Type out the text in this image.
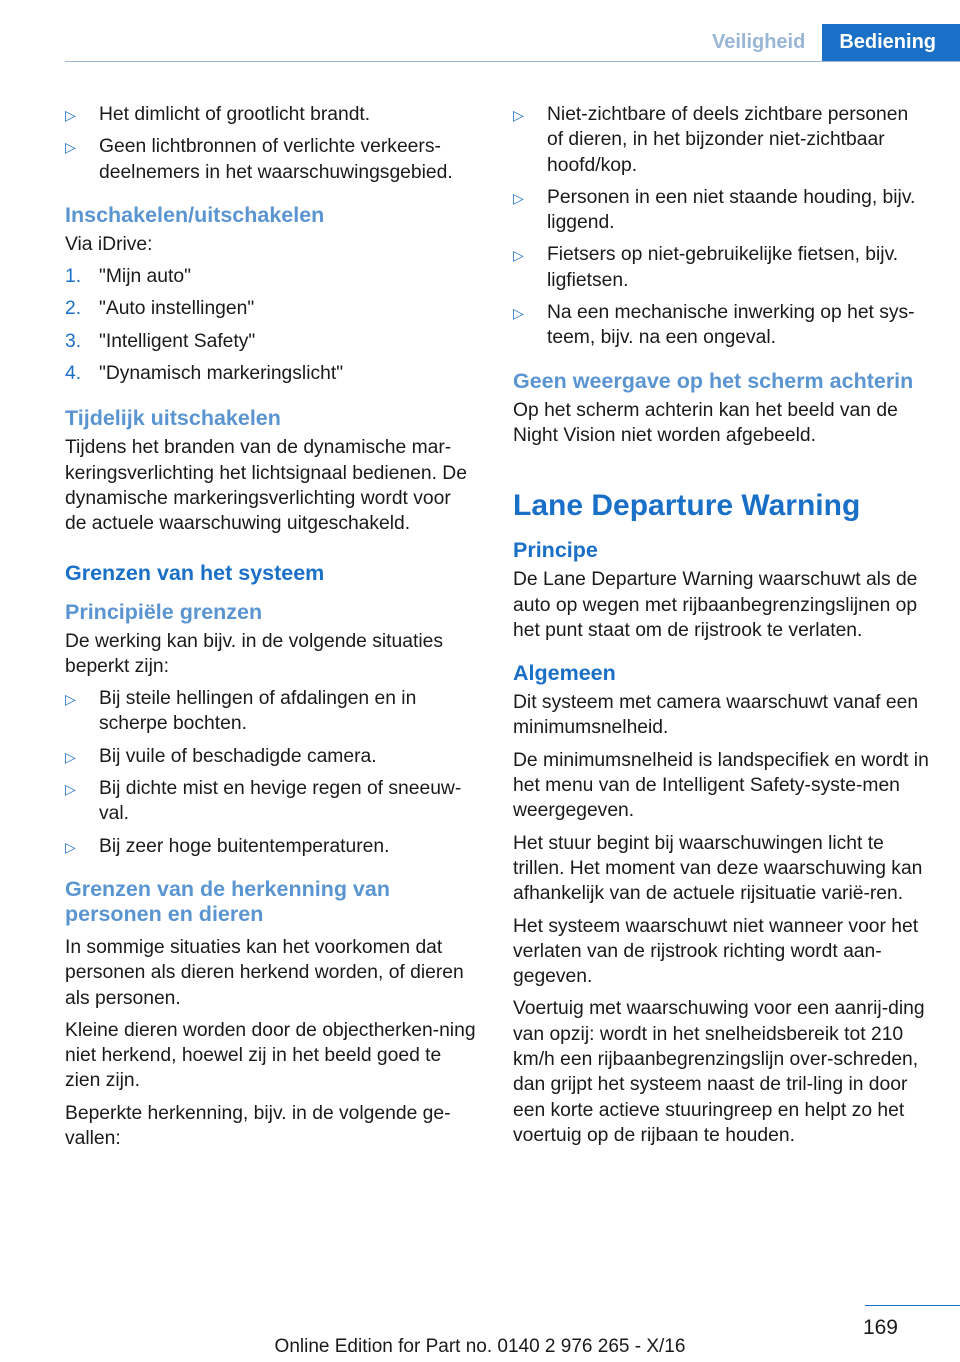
Veiligheid	Bediening
▷ Het dimlicht of grootlicht brandt.
▷ Geen lichtbronnen of verlichte verkeers-deelnemers in het waarschuwingsgebied.
Inschakelen/uitschakelen

Via iDrive:

1. "Mijn auto"
2. "Auto instellingen"
3. "Intelligent Safety"
4. "Dynamisch markeringslicht"
Tijdelijk uitschakelen

Tijdens het branden van de dynamische mar-keringsverlichting het lichtsignaal bedienen. De dynamische markeringsverlichting wordt voor de actuele waarschuwing uitgeschakeld.

Grenzen van het systeem
Principiële grenzen

De werking kan bijv. in de volgende situaties beperkt zijn:

▷ Bij steile hellingen of afdalingen en in scherpe bochten.
▷ Bij vuile of beschadigde camera.
▷ Bij dichte mist en hevige regen of sneeuw-val.
▷ Bij zeer hoge buitentemperaturen.
Grenzen van de herkenning van personen en dieren

In sommige situaties kan het voorkomen dat personen als dieren herkend worden, of dieren als personen.

Kleine dieren worden door de objectherken-ning niet herkend, hoewel zij in het beeld goed te zien zijn.

Beperkte herkenning, bijv. in de volgende ge-vallen:

▷ Niet-zichtbare of deels zichtbare personen of dieren, in het bijzonder niet-zichtbaar hoofd/kop.
▷ Personen in een niet staande houding, bijv. liggend.
▷ Fietsers op niet-gebruikelijke fietsen, bijv. ligfietsen.
▷ Na een mechanische inwerking op het sys-teem, bijv. na een ongeval.
Geen weergave op het scherm achterin

Op het scherm achterin kan het beeld van de Night Vision niet worden afgebeeld.

Lane Departure Warning
Principe

De Lane Departure Warning waarschuwt als de auto op wegen met rijbaanbegrenzingslijnen op het punt staat om de rijstrook te verlaten.

Algemeen

Dit systeem met camera waarschuwt vanaf een minimumsnelheid.

De minimumsnelheid is landspecifiek en wordt in het menu van de Intelligent Safety-syste-men weergegeven.

Het stuur begint bij waarschuwingen licht te trillen. Het moment van deze waarschuwing kan afhankelijk van de actuele rijsituatie varië-ren.

Het systeem waarschuwt niet wanneer voor het verlaten van de rijstrook richting wordt aan-gegeven.

Voertuig met waarschuwing voor een aanrij-ding van opzij: wordt in het snelheidsbereik tot 210 km/h een rijbaanbegrenzingslijn over-schreden, dan grijpt het systeem naast de tril-ling in door een korte actieve stuuringreep en helpt zo het voertuig op de rijbaan te houden.

169
Online Edition for Part no. 0140 2 976 265 - X/16
